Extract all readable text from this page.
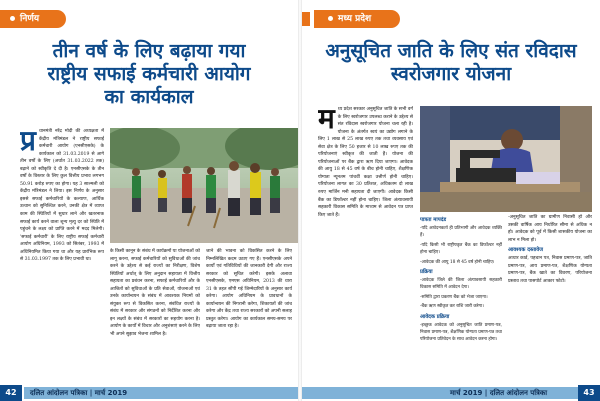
निर्णय
तीन वर्ष के लिए बढ़ाया गया राष्ट्रीय सफाई कर्मचारी आयोग का कार्यकाल
प्र धानमंत्री नरेंद्र मोदी की अध्यक्षता में केंद्रीय मंत्रिमंडल ने राष्ट्रीय सफाई कर्मचारी आयोग (एनसीएसके) के कार्यकाल को 31.03.2019 से आगे तीन वर्षों के लिए (अर्थात 31.03.2022 तक) बढ़ाने को स्वीकृति दे दी है। एनसीएसके के तीन वर्षों के विस्तार के लिए कुल वित्तीय प्रभाव लगभग 50.91 करोड़ रुपए का होगा। यह 3 साल्मली को केंद्रीय मंत्रिमंडल ने लिया। इस निर्णय के अनुसार इससे सफाई कर्मचारियों के कल्याण, आर्थिक उत्थान को सुनिश्चित करने, उनकी क्षेत्र में व्याप्त काम की स्थितियों में सुधार लाने और खतरनाक सफाई कार्य करने वाला शून्य मृत्यु दर को स्थिति में पहुंचने के लक्ष्य को प्राप्ति करने में मदद मिलेगी। 'सफाई कर्मचारी' के लिए राष्ट्रीय सफाई कर्मचारी आयोग अधिनियम, 1993 को सितंबर, 1993 में अधिनियमित किया गया था और यह प्रारंभिक रूप से 31.03.1997 तक के लिए प्रभावी था।
के किसी कानून के संबंध में कार्यक्रमों या योजनाओं को लागू करना, सफाई कर्मचारियों को सुविधाओं की जांच करने के उद्देश्य से कई राज्यों का निरीक्षण, विशेष स्थितियों अर्थात् के लिए अनुदान सहायता में वित्तीय सहायता का प्रबंधन करना, सफाई कर्मचारियों और के आश्रितों को सुविधाओं के प्रति सेवाओं, योजनाओं एवं उनके कार्यान्वयन के संबंध में आवश्यक नियमों को संयुक्त रूप से विकसित करना, संबंधित राज्यों के संबंध में सरकार और संगठनों को निर्देशित करना और इन लक्ष्यों के संबंध में सरकारों का सहयोग करना है। आयोग के कार्यों में विचार और अनुशंसाएं करने के लिए भी अपने सुझाव भेजना शामिल है।
जाने की भावना को विकसित करने के लिए निम्नलिखित कदम उठाए गए हैं। एनसीएसके अपने कार्यों एवं गतिविधियों की जानकारी देगी और राज्य सरकार को सूचित करेगी। इसके अलावा एनसीएसके, एमएस अधिनियम, 2013 की धारा 31 के तहत सौंपी गई जिम्मेदारियों के अनुसार कार्य करेगा। आयोग अधिनियम के प्रावधानों के कार्यान्वयन की निगरानी करेगा, शिकायतों की जांच करेगा और केंद्र तथा राज्य सरकारों को अपनी सलाह प्रस्तुत करेगा। आयोग का कार्यकाल समय-समय पर बढ़ाया जाता रहा है।
42	दलित आंदोलन पत्रिका | मार्च 2019
मध्य प्रदेश
अनुसूचित जाति के लिए संत रविदास स्वरोजगार योजना
मध्य प्रदेश सरकार अनुसूचित जाति के सभी वर्ग के लिए स्वरोजगार उपलब्ध कराने के उद्देश्य से संत रविदास स्वरोजगार योजना चला रही है। योजना के अंतर्गत स्वयं का उद्योग लगाने के लिए 1 लाख से 25 लाख रुपए तक तथा व्यवसाय एवं सेवा क्षेत्र के लिए 50 हजार से 10 लाख रुपए तक की परियोजनाएं स्वीकृत की जाती हैं। योजना की परियोजनाओं पर बैंक द्वारा ऋण दिया जाएगा। आवेदक की आयु 18 से 45 वर्ष के बीच होनी चाहिए, शैक्षणिक योग्यता न्यूनतम पांचवीं कक्षा उत्तीर्ण होनी चाहिए। परियोजना लागत का 30 प्रतिशत, अधिकतम दो लाख रुपए मार्जिन मनी सहायता दी जाएगी। आवेदक किसी बैंक का डिफॉल्टर नहीं होना चाहिए। जिला अंत्यावसायी सहकारी विकास समिति के माध्यम से आवेदन पत्र प्राप्त किए जाते हैं।
पात्रता मापदंड

-यदि आवेदनकर्ता ही प्रतिभागी और आवेदक व्यक्ति हैं।

-यदि किसी भी राष्ट्रीयकृत बैंक का डिफॉल्टर नहीं होना चाहिए।

-आवेदक की आयु 18 से 45 वर्ष होनी चाहिए।

प्रक्रिया

-आवेदक जिले की जिला अंत्यावसायी सहकारी विकास समिति में आवेदन देगा।

-समिति द्वारा प्रकरण बैंक को भेजा जाएगा।

-बैंक ऋण स्वीकृत कर राशि जारी करेगा।

आवेदक प्रक्रिया

-इच्छुक आवेदक को अनुसूचित जाति प्रमाण-पत्र, निवास प्रमाण-पत्र, शैक्षणिक योग्यता प्रमाण-पत्र तथा परियोजना प्रतिवेदन के साथ आवेदन करना होगा।

-अनुसूचित जाति का ग्रामीण निवासी हो और उसकी वार्षिक आय निर्धारित सीमा से अधिक न हो। आवेदक को पूर्व में किसी शासकीय योजना का लाभ न मिला हो।
आवश्यक दस्तावेज
आधार कार्ड, पहचान पत्र, निवास प्रमाण-पत्र, जाति प्रमाण-पत्र, आय प्रमाण-पत्र, शैक्षणिक योग्यता प्रमाण-पत्र, बैंक खाते का विवरण, परियोजना प्रस्ताव तथा पासपोर्ट आकार फोटो।
43
मार्च 2019 | दलित आंदोलन पत्रिका
